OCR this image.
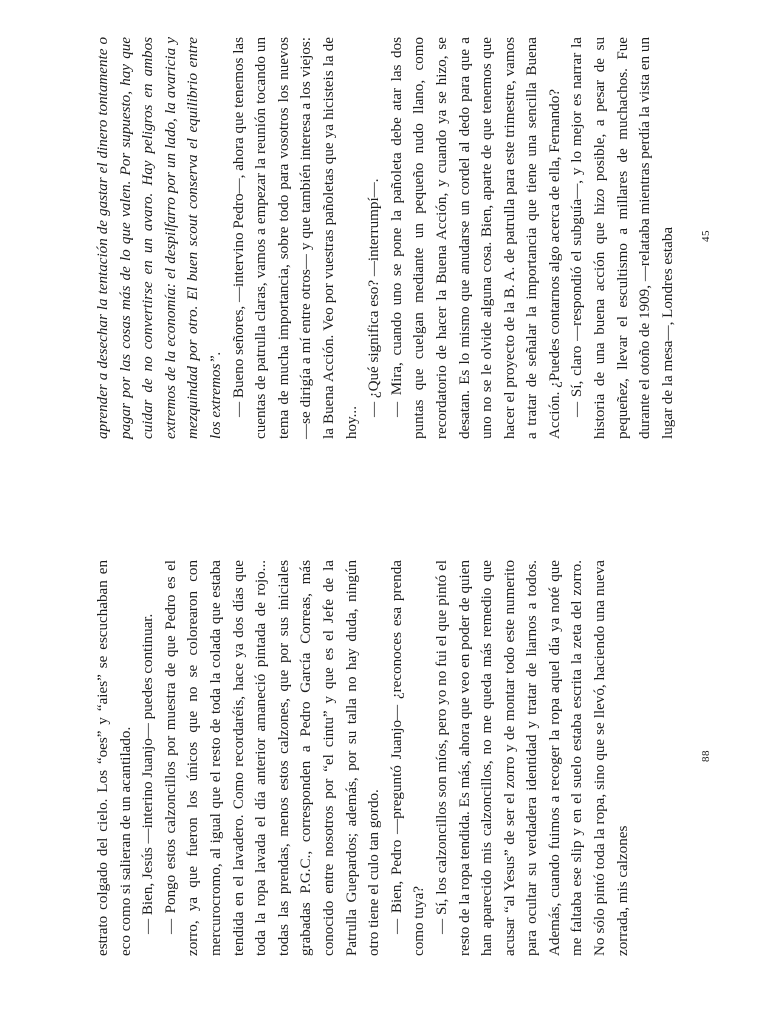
estrato colgado del cielo. Los “oes” y “aies” se escuchaban en eco como si salieran de un acantilado. — Bien, Jesús —interino Juanjo— puedes continuar. — Pongo estos calzoncillos por muestra de que Pedro es el zorro, ya que fueron los únicos que no se colorearon con mercurocromo, al igual que el resto de toda la colada que estaba tendida en el lavadero. Como recordaréis, hace ya dos días que toda la ropa lavada el día anterior amaneció pintada de rojo... todas las prendas, menos estos calzones, que por sus iniciales grabadas P.G.C., corresponden a Pedro García Correas, más conocido entre nosotros por “el cintu” y que es el Jefe de la Patrulla Guepardos; además, por su talla no hay duda, ningún otro tiene el culo tan gordo. — Bien, Pedro —preguntó Juanjo— ¿reconoces esa prenda como tuya? — Sí, los calzoncillos son míos, pero yo no fui el que pintó el resto de la ropa tendida. Es más, ahora que veo en poder de quien han aparecido mis calzoncillos, no me queda más remedio que acusar “al Yesus” de ser el zorro y de montar todo este numerito para ocultar su verdadera identidad y tratar de liarnos a todos. Además, cuando fuimos a recoger la ropa aquel día ya noté que me faltaba ese slip y en el suelo estaba escrita la zeta del zorro. No sólo pintó toda la ropa, sino que se llevó, haciendo una nueva zorrada, mis calzones

88

aprender a desechar la tentación de gastar el dinero tontamente o pagar por las cosas más de lo que valen. Por supuesto, hay que cuidar de no convertirse en un avaro. Hay peligros en ambos extremos de la economía: el despilfarro por un lado, la avaricia y mezquindad por otro. El buen scout conserva el equilibrio entre los extremos”. — Bueno señores, —intervino Pedro—, ahora que tenemos las cuentas de patrulla claras, vamos a empezar la reunión tocando un tema de mucha importancia, sobre todo para vosotros los nuevos —se dirigía a mí entre otros— y que también interesa a los viejos: la Buena Acción. Veo por vuestras pañoletas que ya hicisteis la de hoy...

— ¿Qué significa eso? —interrumpí—. — Mira, cuando uno se pone la pañoleta debe atar las dos puntas que cuelgan mediante un pequeño nudo llano, como recordatorio de hacer la Buena Acción, y cuando ya se hizo, se desatan. Es lo mismo que anudarse un cordel al dedo para que a uno no se le olvide alguna cosa. Bien, aparte de que tenemos que hacer el proyecto de la B. A. de patrulla para este trimestre, vamos a tratar de señalar la importancia que tiene una sencilla Buena Acción. ¿Puedes contarnos algo acerca de ella, Fernando? — Sí, claro —respondió el subguía—, y lo mejor es narrar la historia de una buena acción que hizo posible, a pesar de su pequeñez, llevar el escultismo a millares de muchachos. Fue durante el otoño de 1909, —relataba mientras perdía la vista en un lugar de la mesa—, Londres estaba	45
